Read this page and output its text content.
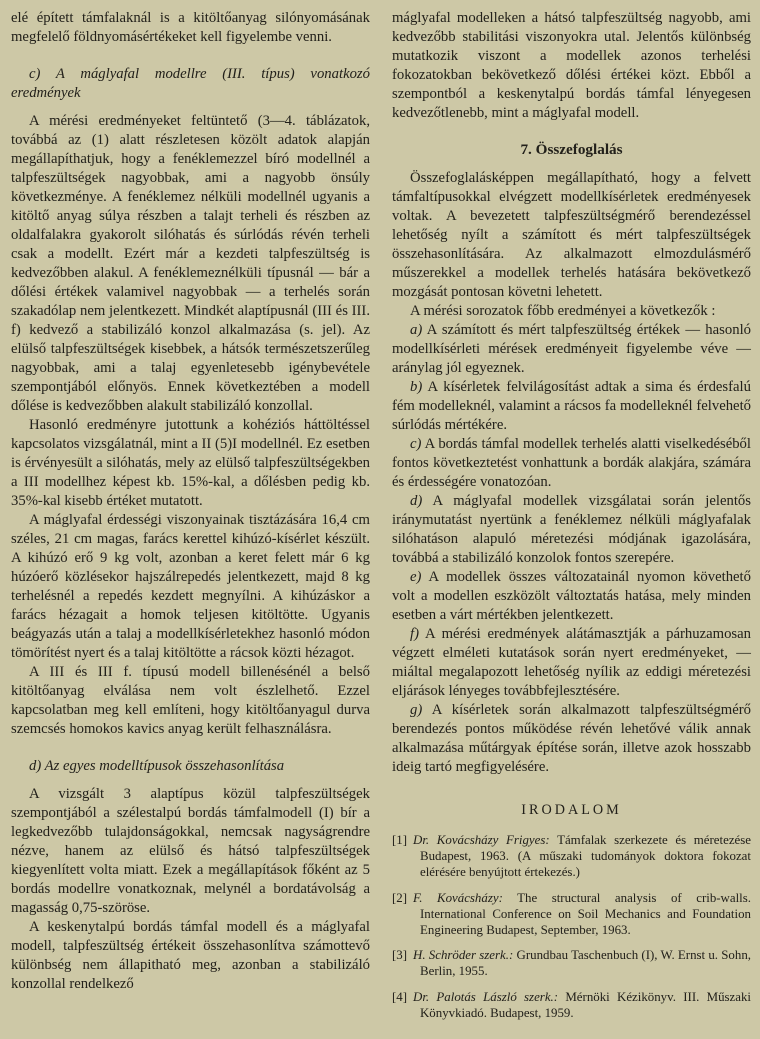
elé épített támfalaknál is a kitöltőanyag silónyomásának megfelelő földnyomásértékeket kell figyelembe venni.

c) A máglyafal modellre (III. típus) vonatkozó eredmények

A mérési eredményeket feltüntető (3—4. táblázatok, továbbá az (1) alatt részletesen közölt adatok alapján megállapíthatjuk, hogy a fenéklemezzel bíró modellnél a talpfeszültségek nagyobbak, ami a nagyobb önsúly következménye. A fenéklemez nélküli modellnél ugyanis a kitöltő anyag súlya részben a talajt terheli és részben az oldalfalakra gyakorolt silóhatás és súrlódás révén terheli csak a modellt. Ezért már a kezdeti talpfeszültség is kedvezőbben alakul. A fenéklemeznélküli típusnál — bár a dőlési értékek valamivel nagyobbak — a terhelés során szakadólap nem jelentkezett. Mindkét alaptípusnál (III és III. f) kedvező a stabilizáló konzol alkalmazása (s. jel). Az elülső talpfeszültségek kisebbek, a hátsók természetszerűleg nagyobbak, ami a talaj egyenletesebb igénybevétele szempontjából előnyös. Ennek következtében a modell dőlése is kedvezőbben alakult stabilizáló konzollal.

Hasonló eredményre jutottunk a kohéziós háttöltéssel kapcsolatos vizsgálatnál, mint a II (5)I modellnél. Ez esetben is érvényesült a silóhatás, mely az elülső talpfeszültségekben a III modellhez képest kb. 15%-kal, a dőlésben pedig kb. 35%-kal kisebb értéket mutatott.

A máglyafal érdességi viszonyainak tisztázására 16,4 cm széles, 21 cm magas, farács kerettel kihúzó-kísérlet készült. A kihúzó erő 9 kg volt, azonban a keret felett már 6 kg húzóerő közlésekor hajszálrepedés jelentkezett, majd 8 kg terhelésnél a repedés kezdett megnyílni. A kihúzáskor a farács hézagait a homok teljesen kitöltötte. Ugyanis beágyazás után a talaj a modellkísérletekhez hasonló módon tömörítést nyert és a talaj kitöltötte a rácsok közti hézagot.

A III és III f. típusú modell billenésénél a belső kitöltőanyag elválása nem volt észlelhető. Ezzel kapcsolatban meg kell említeni, hogy kitöltőanyagul durva szemcsés homokos kavics anyag került felhasználásra.

d) Az egyes modelltípusok összehasonlítása

A vizsgált 3 alaptípus közül talpfeszültségek szempontjából a szélestalpú bordás támfalmodell (I) bír a legkedvezőbb tulajdonságokkal, nemcsak nagyságrendre nézve, hanem az elülső és hátsó talpfeszültségek kiegyenlített volta miatt. Ezek a megállapítások főként az 5 bordás modellre vonatkoznak, melynél a bordatávolság a magasság 0,75-szöröse.

A keskenytalpú bordás támfal modell és a máglyafal modell, talpfeszültség értékeit összehasonlítva számottevő különbség nem állapitható meg, azonban a stabilizáló konzollal rendelkező

máglyafal modelleken a hátsó talpfeszültség nagyobb, ami kedvezőbb stabilitási viszonyokra utal. Jelentős különbség mutatkozik viszont a modellek azonos terhelési fokozatokban bekövetkező dőlési értékei közt. Ebből a szempontból a keskenytalpú bordás támfal lényegesen kedvezőtlenebb, mint a máglyafal modell.

7. Összefoglalás

Összefoglalásképpen megállapítható, hogy a felvett támfaltípusokkal elvégzett modellkísérletek eredményesek voltak. A bevezetett talpfeszültségmérő berendezéssel lehetőség nyílt a számított és mért talpfeszültségek összehasonlítására. Az alkalmazott elmozdulásmérő műszerekkel a modellek terhelés hatására bekövetkező mozgását pontosan követni lehetett.

A mérési sorozatok főbb eredményei a következők :

a) A számított és mért talpfeszültség értékek — hasonló modellkísérleti mérések eredményeit figyelembe véve — aránylag jól egyeznek.

b) A kísérletek felvilágosítást adtak a sima és érdesfalú fém modelleknél, valamint a rácsos fa modelleknél felvehető súrlódás mértékére.

c) A bordás támfal modellek terhelés alatti viselkedéséből fontos következtetést vonhattunk a bordák alakjára, számára és érdességére vonatozóan.

d) A máglyafal modellek vizsgálatai során jelentős iránymutatást nyertünk a fenéklemez nélküli máglyafalak silóhatáson alapuló méretezési módjának igazolására, továbbá a stabilizáló konzolok fontos szerepére.

e) A modellek összes változatainál nyomon követhető volt a modellen eszközölt változtatás hatása, mely minden esetben a várt mértékben jelentkezett.

f) A mérési eredmények alátámasztják a párhuzamosan végzett elméleti kutatások során nyert eredményeket, — miáltal megalapozott lehetőség nyílik az eddigi méretezési eljárások lényeges továbbfejlesztésére.

g) A kísérletek során alkalmazott talpfeszültségmérő berendezés pontos működése révén lehetővé válik annak alkalmazása műtárgyak építése során, illetve azok hosszabb ideig tartó megfigyelésére.

IRODALOM

[1] Dr. Kovácsházy Frigyes: Támfalak szerkezete és méretezése Budapest, 1963. (A műszaki tudományok doktora fokozat elérésére benyújtott értekezés.)

[2] F. Kovácsházy: The structural analysis of crib-walls. International Conference on Soil Mechanics and Foundation Engineering Budapest, September, 1963.

[3] H. Schröder szerk.: Grundbau Taschenbuch (I), W. Ernst u. Sohn, Berlin, 1955.

[4] Dr. Palotás László szerk.: Mérnöki Kézikönyv. III. Műszaki Könyvkiadó. Budapest, 1959.
